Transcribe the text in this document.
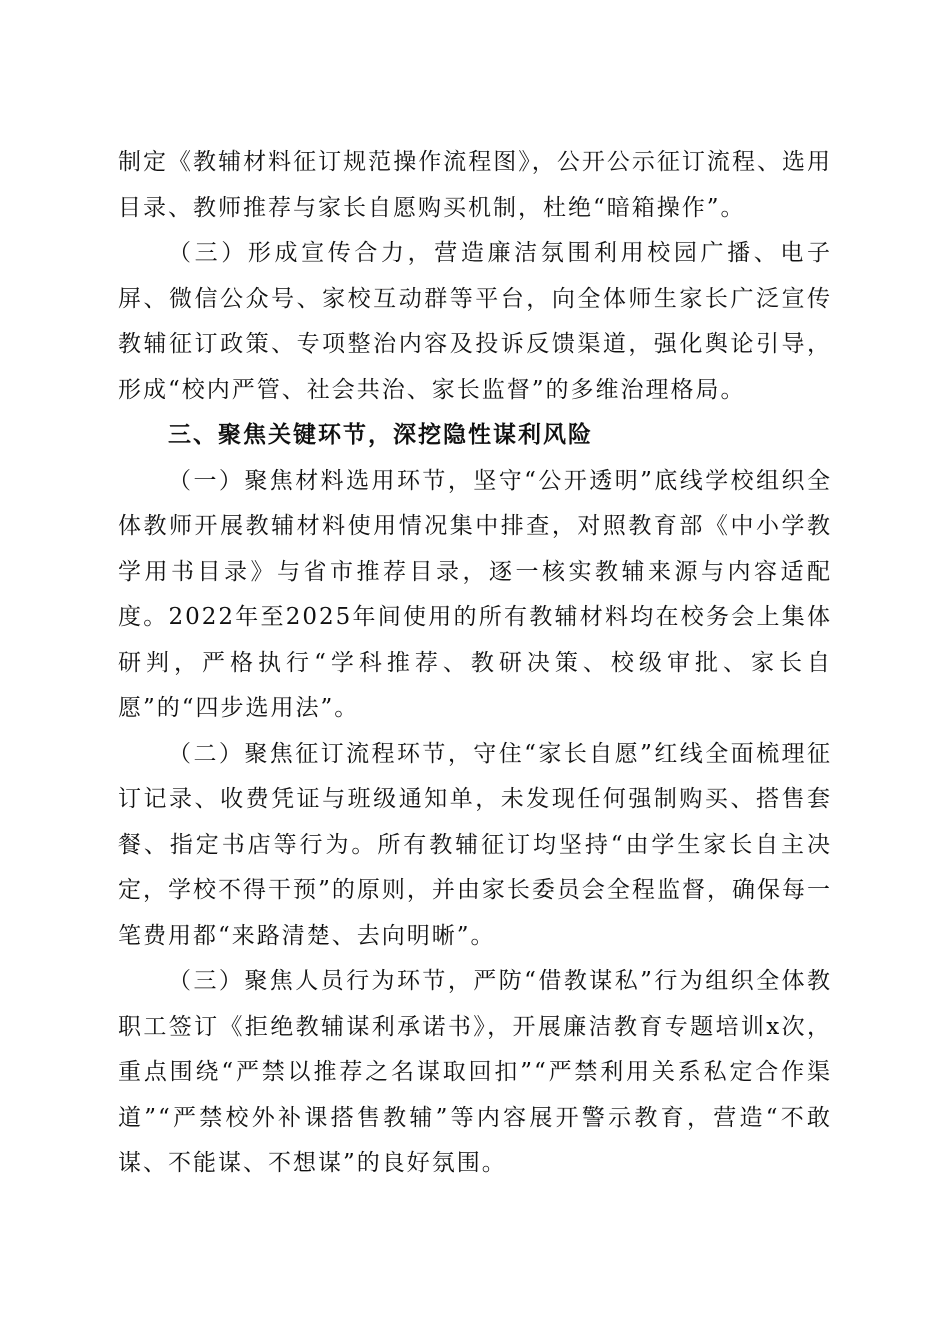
制定《教辅材料征订规范操作流程图》，公开公示征订流程、选用目录、教师推荐与家长自愿购买机制，杜绝“暗箱操作”。

（三）形成宣传合力，营造廉洁氛围利用校园广播、电子屏、微信公众号、家校互动群等平台，向全体师生家长广泛宣传教辅征订政策、专项整治内容及投诉反馈渠道，强化舆论引导，形成“校内严管、社会共治、家长监督”的多维治理格局。

三、聚焦关键环节，深挖隐性谋利风险

（一）聚焦材料选用环节，坚守“公开透明”底线学校组织全体教师开展教辅材料使用情况集中排查，对照教育部《中小学教学用书目录》与省市推荐目录，逐一核实教辅来源与内容适配度。2022年至2025年间使用的所有教辅材料均在校务会上集体研判，严格执行“学科推荐、教研决策、校级审批、家长自愿”的“四步选用法”。

（二）聚焦征订流程环节，守住“家长自愿”红线全面梳理征订记录、收费凭证与班级通知单，未发现任何强制购买、搭售套餐、指定书店等行为。所有教辅征订均坚持“由学生家长自主决定，学校不得干预”的原则，并由家长委员会全程监督，确保每一笔费用都“来路清楚、去向明晰”。

（三）聚焦人员行为环节，严防“借教谋私”行为组织全体教职工签订《拒绝教辅谋利承诺书》，开展廉洁教育专题培训x次，重点围绕“严禁以推荐之名谋取回扣”“严禁利用关系私定合作渠道”“严禁校外补课搭售教辅”等内容展开警示教育，营造“不敢谋、不能谋、不想谋”的良好氛围。
